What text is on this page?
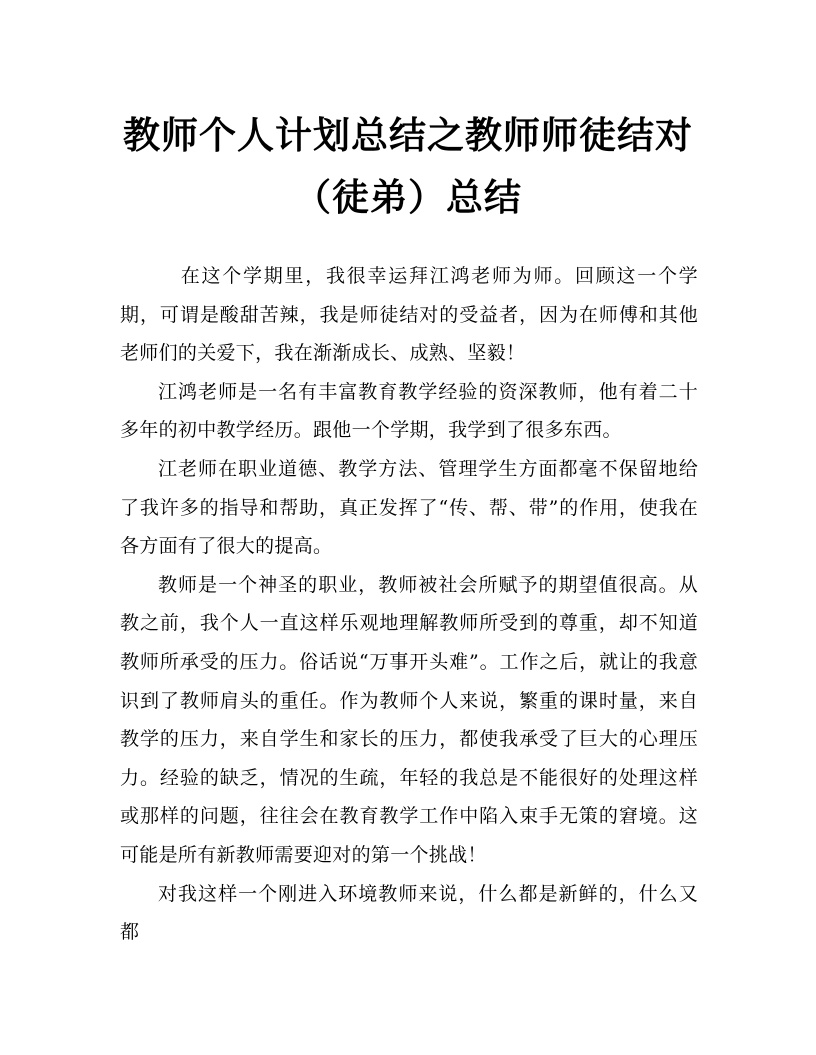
教师个人计划总结之教师师徒结对（徒弟）总结

在这个学期里，我很幸运拜江鸿老师为师。回顾这一个学期，可谓是酸甜苦辣，我是师徒结对的受益者，因为在师傅和其他老师们的关爱下，我在渐渐成长、成熟、坚毅！

江鸿老师是一名有丰富教育教学经验的资深教师，他有着二十多年的初中教学经历。跟他一个学期，我学到了很多东西。

江老师在职业道德、教学方法、管理学生方面都毫不保留地给了我许多的指导和帮助，真正发挥了“传、帮、带”的作用，使我在各方面有了很大的提高。

教师是一个神圣的职业，教师被社会所赋予的期望值很高。从教之前，我个人一直这样乐观地理解教师所受到的尊重，却不知道教师所承受的压力。俗话说“万事开头难”。工作之后，就让的我意识到了教师肩头的重任。作为教师个人来说，繁重的课时量，来自教学的压力，来自学生和家长的压力，都使我承受了巨大的心理压力。经验的缺乏，情况的生疏，年轻的我总是不能很好的处理这样或那样的问题，往往会在教育教学工作中陷入束手无策的窘境。这可能是所有新教师需要迎对的第一个挑战！

对我这样一个刚进入环境教师来说，什么都是新鲜的，什么又都
